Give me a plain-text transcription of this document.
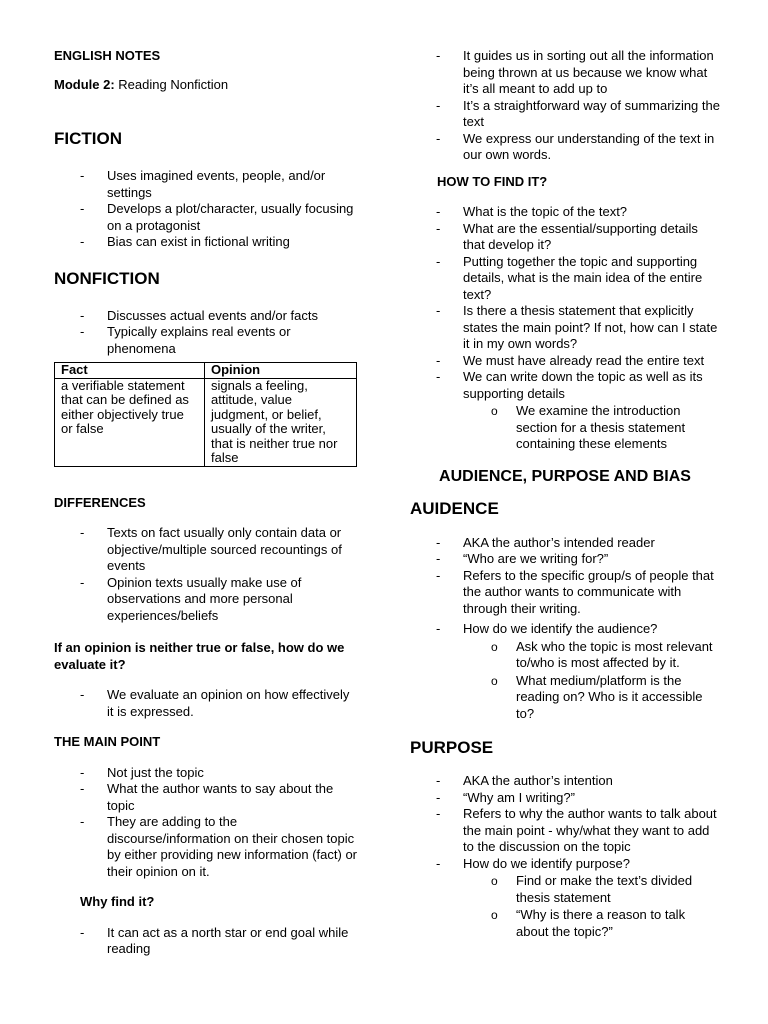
ENGLISH NOTES

Module 2: Reading Nonfiction

FICTION
- Uses imagined events, people, and/or settings
- Develops a plot/character, usually focusing on a protagonist
- Bias can exist in fictional writing
NONFICTION
- Discusses actual events and/or facts
- Typically explains real events or phenomena
Fact	Opinion
a verifiable statement that can be defined as either objectively true or false	signals a feeling, attitude, value judgment, or belief, usually of the writer, that is neither true nor false
DIFFERENCES
- Texts on fact usually only contain data or objective/multiple sourced recountings of events
- Opinion texts usually make use of observations and more personal experiences/beliefs

If an opinion is neither true or false, how do we evaluate it?

- We evaluate an opinion on how effectively it is expressed.
THE MAIN POINT
- Not just the topic
- What the author wants to say about the topic
- They are adding to the discourse/information on their chosen topic by either providing new information (fact) or their opinion on it.
Why find it?
- It can act as a north star or end goal while reading
- It guides us in sorting out all the information being thrown at us because we know what it’s all meant to add up to
- It’s a straightforward way of summarizing the text
- We express our understanding of the text in our own words.
HOW TO FIND IT?
- What is the topic of the text?
- What are the essential/supporting details that develop it?
- Putting together the topic and supporting details, what is the main idea of the entire text?
- Is there a thesis statement that explicitly states the main point? If not, how can I state it in my own words?
- We must have already read the entire text
- We can write down the topic as well as its supporting details
o We examine the introduction section for a thesis statement containing these elements
AUDIENCE, PURPOSE AND BIAS
AUIDENCE
- AKA the author’s intended reader
- “Who are we writing for?”
- Refers to the specific group/s of people that the author wants to communicate with through their writing.
- How do we identify the audience?
o Ask who the topic is most relevant to/who is most affected by it.
o What medium/platform is the reading on? Who is it accessible to?
PURPOSE
- AKA the author’s intention
- “Why am I writing?”
- Refers to why the author wants to talk about the main point - why/what they want to add to the discussion on the topic
- How do we identify purpose?
o Find or make the text’s divided thesis statement
o “Why is there a reason to talk about the topic?”
